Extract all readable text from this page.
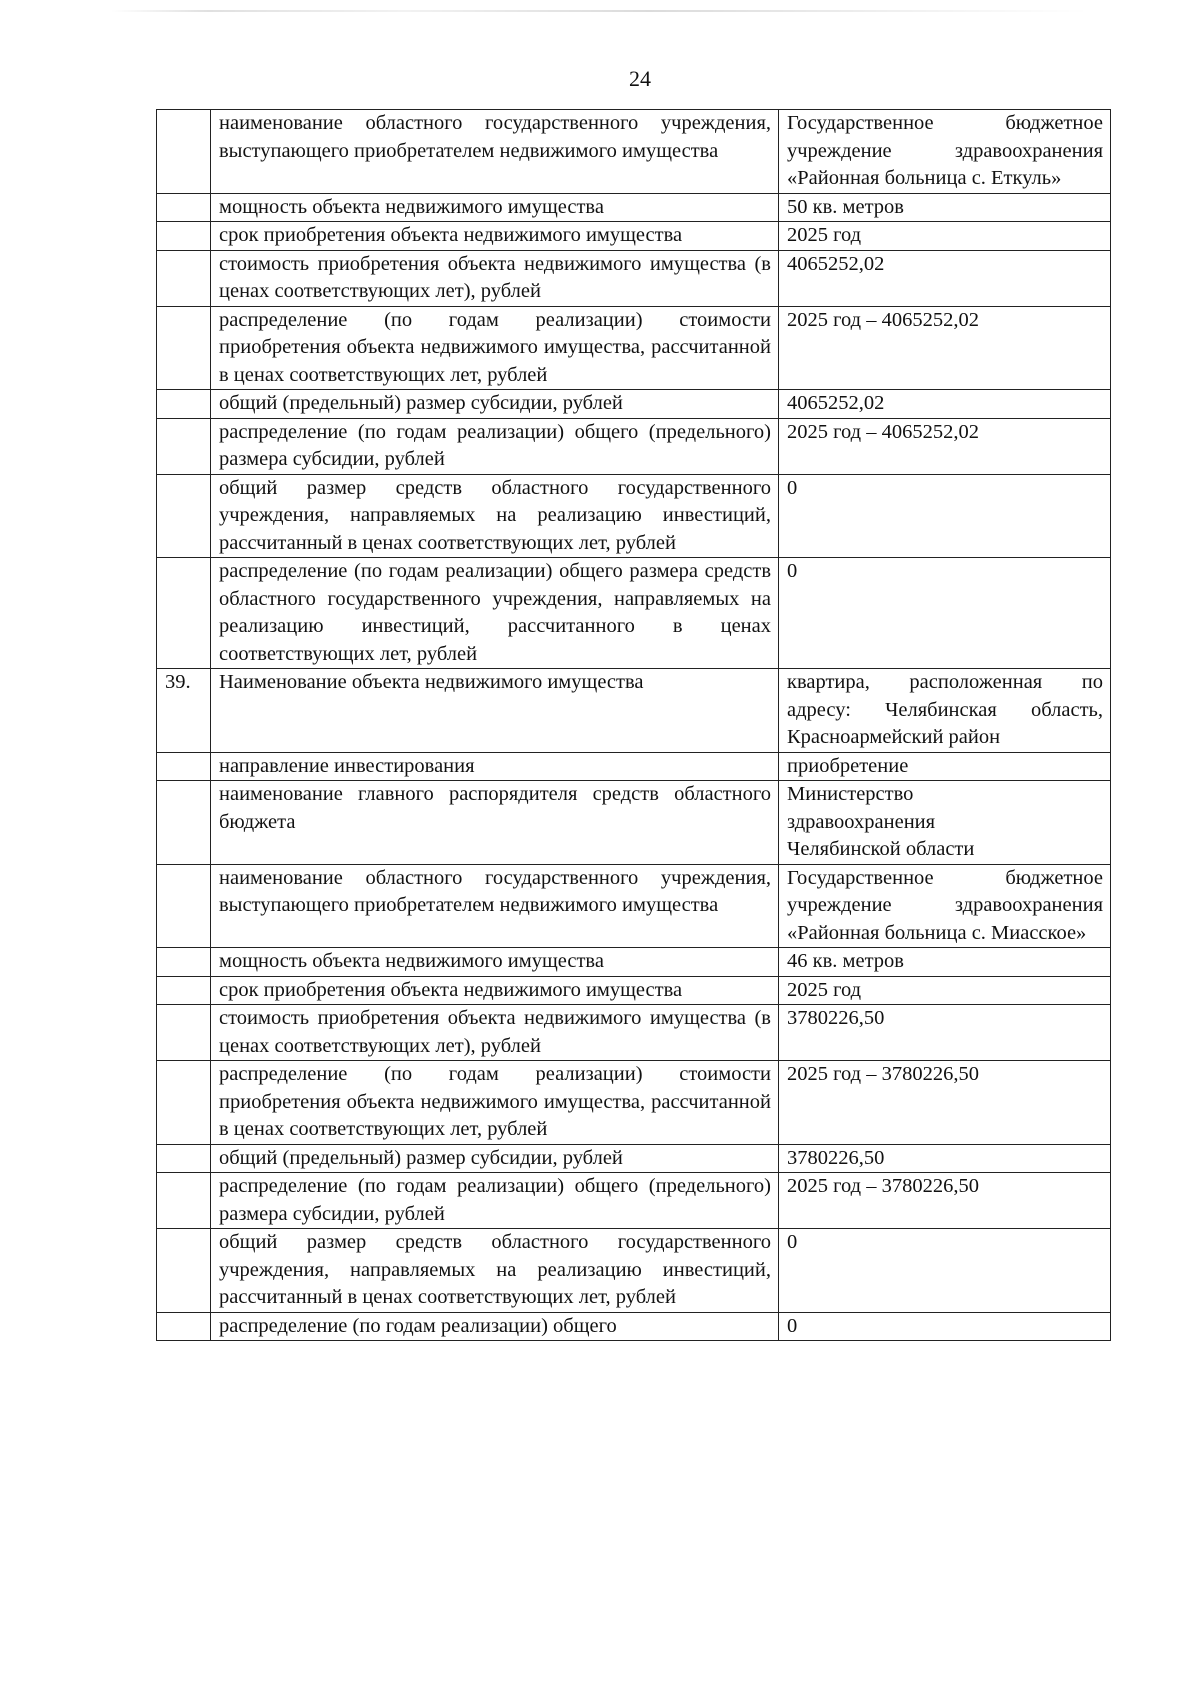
24
	наименование областного государственного учреждения, выступающего приобретателем недвижимого имущества	Государственное бюджетное учреждение здравоохранения «Районная больница с. Еткуль»
	мощность объекта недвижимого имущества	50 кв. метров
	срок приобретения объекта недвижимого имущества	2025 год
	стоимость приобретения объекта недвижимого имущества (в ценах соответствующих лет), рублей	4065252,02
	распределение (по годам реализации) стоимости приобретения объекта недвижимого имущества, рассчитанной в ценах соответствующих лет, рублей	2025 год – 4065252,02
	общий (предельный) размер субсидии, рублей	4065252,02
	распределение (по годам реализации) общего (предельного) размера субсидии, рублей	2025 год – 4065252,02
	общий размер средств областного государственного учреждения, направляемых на реализацию инвестиций, рассчитанный в ценах соответствующих лет, рублей	0
	распределение (по годам реализации) общего размера средств областного государственного учреждения, направляемых на реализацию инвестиций, рассчитанного в ценах соответствующих лет, рублей	0
39.	Наименование объекта недвижимого имущества	квартира, расположенная по адресу: Челябинская область, Красноармейский район
	направление инвестирования	приобретение
	наименование главного распорядителя средств областного бюджета	Министерство
здравоохранения
Челябинской области

	наименование областного государственного учреждения, выступающего приобретателем недвижимого имущества	Государственное бюджетное учреждение здравоохранения «Районная больница с. Миасское»
	мощность объекта недвижимого имущества	46 кв. метров
	срок приобретения объекта недвижимого имущества	2025 год
	стоимость приобретения объекта недвижимого имущества (в ценах соответствующих лет), рублей	3780226,50
	распределение (по годам реализации) стоимости приобретения объекта недвижимого имущества, рассчитанной в ценах соответствующих лет, рублей	2025 год – 3780226,50
	общий (предельный) размер субсидии, рублей	3780226,50
	распределение (по годам реализации) общего (предельного) размера субсидии, рублей	2025 год – 3780226,50
	общий размер средств областного государственного учреждения, направляемых на реализацию инвестиций, рассчитанный в ценах соответствующих лет, рублей	0
	распределение (по годам реализации) общего	0
